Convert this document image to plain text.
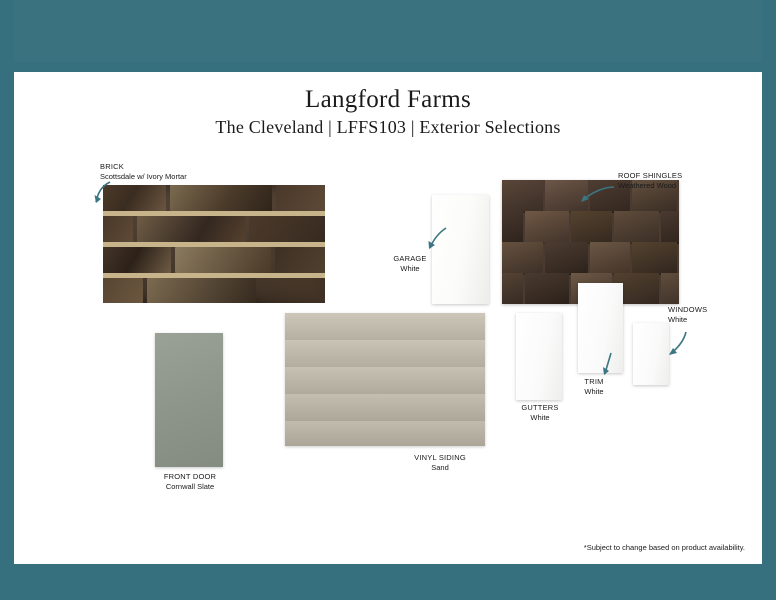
Langford Farms
The Cleveland | LFFS103 | Exterior Selections
BRICK
Scottsdale w/ Ivory Mortar
GARAGE
White
ROOF SHINGLES
Weathered Wood
GUTTERS
White
TRIM
White
WINDOWS
White
FRONT DOOR
Cornwall Slate
VINYL SIDING
Sand
*Subject to change based on product availability.
